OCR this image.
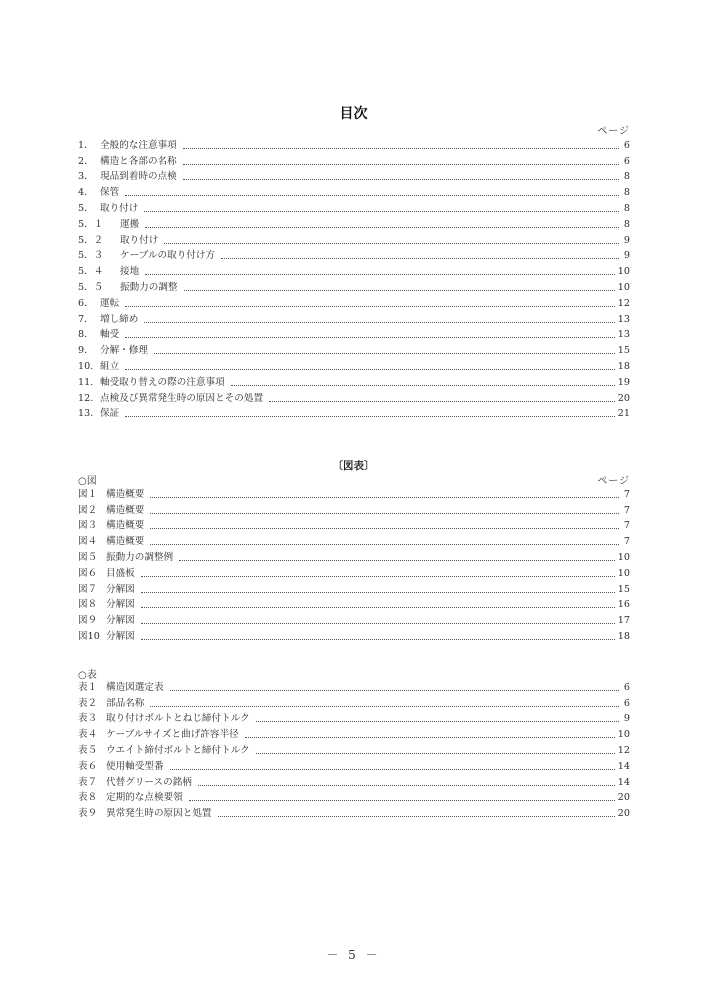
目次
ページ
1． 全般的な注意事項	6
2． 構造と各部の名称	6
3． 現品到着時の点検	8
4． 保管	8
5． 取り付け	8
5．１	運搬	8
5．２	取り付け	9
5．３	ケーブルの取り付け方	9
5．４	接地	10
5．５	振動力の調整	10
6． 運転	12
7． 増し締め	13
8． 軸受	13
9． 分解・修理	15
10. 組立	18
11. 軸受取り替えの際の注意事項	19
12. 点検及び異常発生時の原因とその処置	20
13. 保証	21
〔図表〕
○図	ページ
図１ 構造概要	7
図２ 構造概要	7
図３ 構造概要	7
図４ 構造概要	7
図５ 振動力の調整例	10
図６ 目盛板	10
図７ 分解図	15
図８ 分解図	16
図９ 分解図	17
図10 分解図	18
○表
表１ 構造図選定表	6
表２ 部品名称	6
表３ 取り付けボルトとねじ締付トルク	9
表４ ケーブルサイズと曲げ許容半径	10
表５ ウエイト締付ボルトと締付トルク	12
表６ 使用軸受型番	14
表７ 代替グリースの銘柄	14
表８ 定期的な点検要領	20
表９ 異常発生時の原因と処置	20
－ 5 －
